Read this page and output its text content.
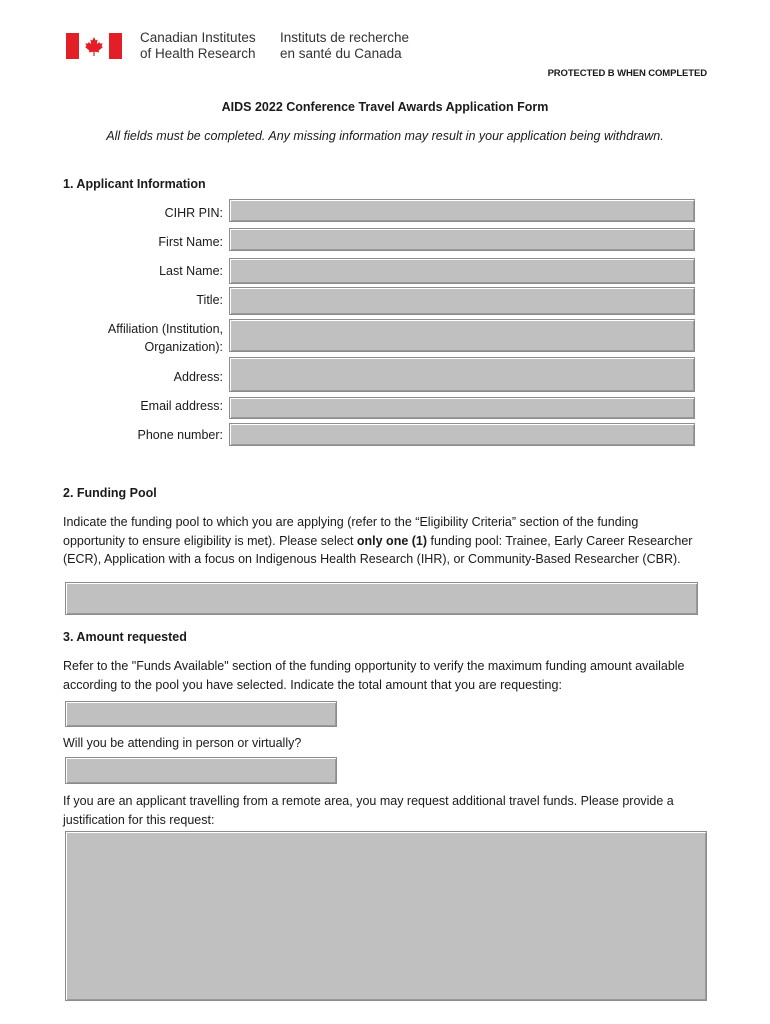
Canadian Institutes
of Health Research
Instituts de recherche
en santé du Canada
PROTECTED B WHEN COMPLETED
AIDS 2022 Conference Travel Awards Application Form
All fields must be completed. Any missing information may result in your application being withdrawn.
1. Applicant Information
CIHR PIN:
First Name:
Last Name:
Title:
Affiliation (Institution,
Organization):
Address:
Email address:
Phone number:
2. Funding Pool
Indicate the funding pool to which you are applying (refer to the “Eligibility Criteria” section of the funding opportunity to ensure eligibility is met). Please select only one (1) funding pool: Trainee, Early Career Researcher (ECR), Application with a focus on Indigenous Health Research (IHR), or Community-Based Researcher (CBR).
3. Amount requested
Refer to the "Funds Available" section of the funding opportunity to verify the maximum funding amount available according to the pool you have selected. Indicate the total amount that you are requesting:
Will you be attending in person or virtually?
If you are an applicant travelling from a remote area, you may request additional travel funds. Please provide a justification for this request:
